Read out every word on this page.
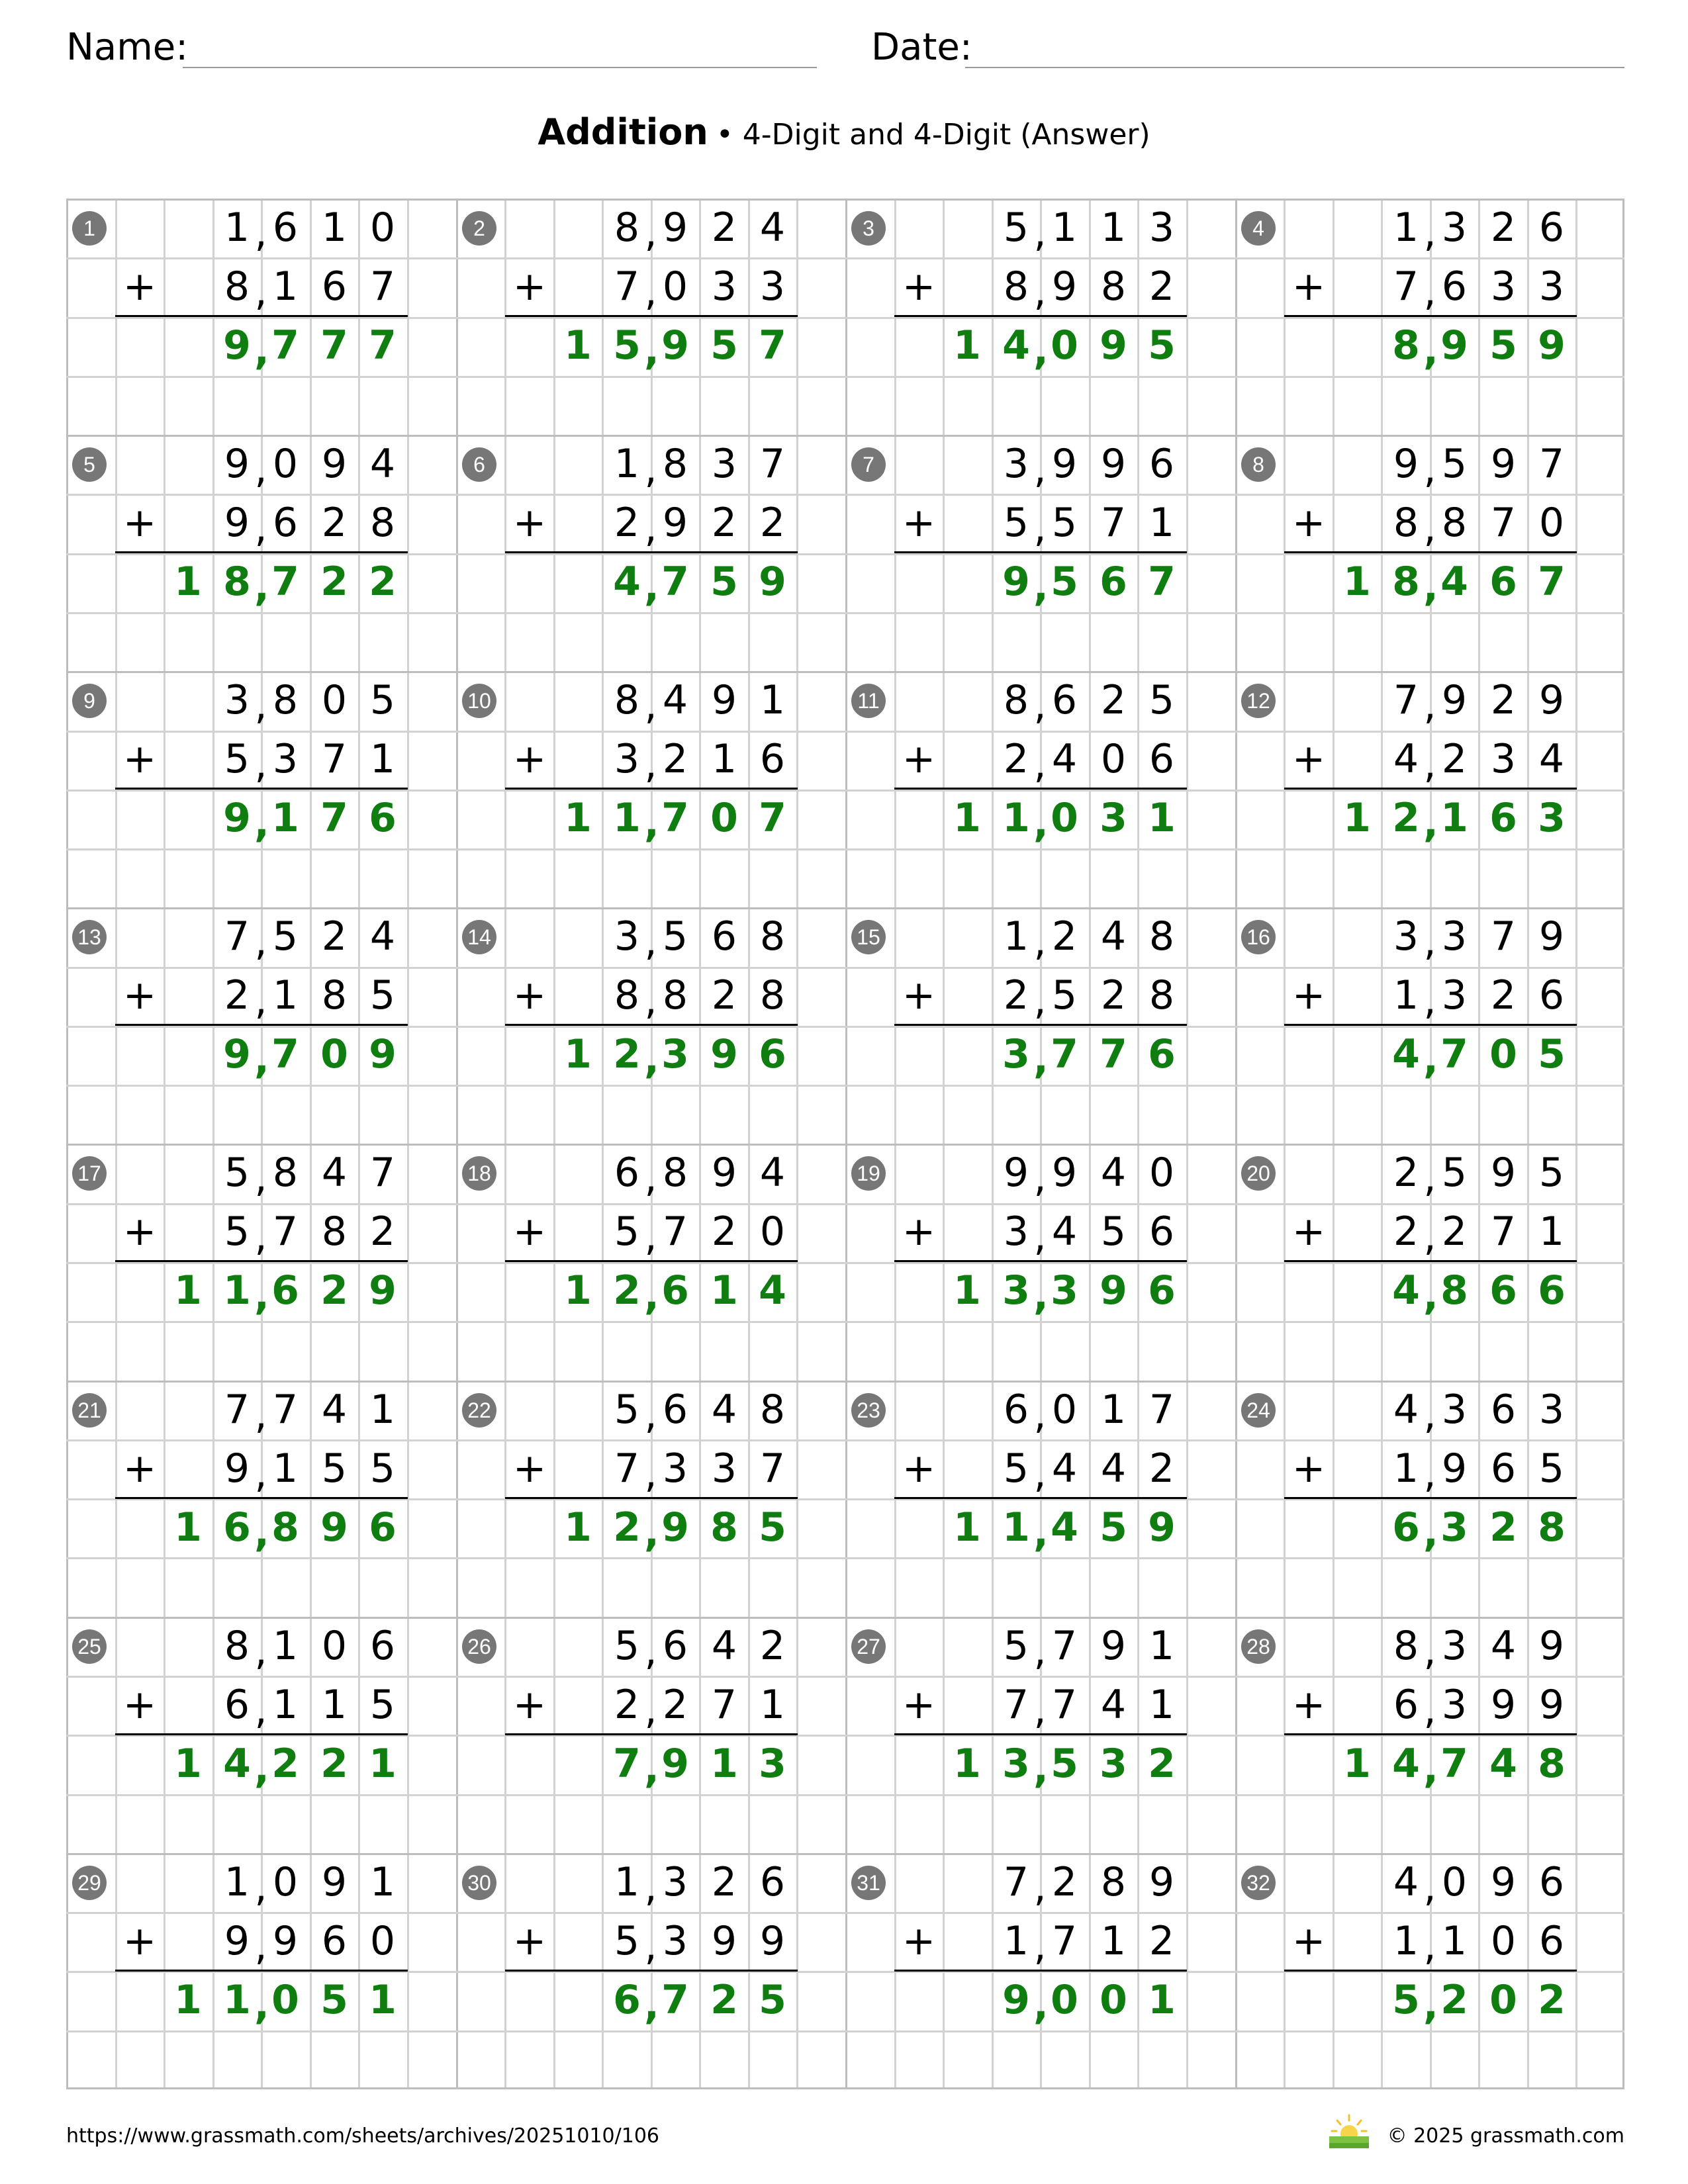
Name:	Date:
Addition • 4-Digit and 4-Digit (Answer)
1
+
1 , 6 1 0
8 , 1 6 7
9 , 7 7 7
2
+
8 , 9 2 4
7 , 0 3 3
1 5 , 9 5 7
3
+
5 , 1 1 3
8 , 9 8 2
1 4 , 0 9 5
4
+
1 , 3 2 6
7 , 6 3 3
8 , 9 5 9
5
+
9 , 0 9 4
9 , 6 2 8
1 8 , 7 2 2
6
+
1 , 8 3 7
2 , 9 2 2
4 , 7 5 9
7
+
3 , 9 9 6
5 , 5 7 1
9 , 5 6 7
8
+
9 , 5 9 7
8 , 8 7 0
1 8 , 4 6 7
9
+
3 , 8 0 5
5 , 3 7 1
9 , 1 7 6
10
+
8 , 4 9 1
3 , 2 1 6
1 1 , 7 0 7
11
+
8 , 6 2 5
2 , 4 0 6
1 1 , 0 3 1
12
+
7 , 9 2 9
4 , 2 3 4
1 2 , 1 6 3
13
+
7 , 5 2 4
2 , 1 8 5
9 , 7 0 9
14
+
3 , 5 6 8
8 , 8 2 8
1 2 , 3 9 6
15
+
1 , 2 4 8
2 , 5 2 8
3 , 7 7 6
16
+
3 , 3 7 9
1 , 3 2 6
4 , 7 0 5
17
+
5 , 8 4 7
5 , 7 8 2
1 1 , 6 2 9
18
+
6 , 8 9 4
5 , 7 2 0
1 2 , 6 1 4
19
+
9 , 9 4 0
3 , 4 5 6
1 3 , 3 9 6
20
+
2 , 5 9 5
2 , 2 7 1
4 , 8 6 6
21
+
7 , 7 4 1
9 , 1 5 5
1 6 , 8 9 6
22
+
5 , 6 4 8
7 , 3 3 7
1 2 , 9 8 5
23
+
6 , 0 1 7
5 , 4 4 2
1 1 , 4 5 9
24
+
4 , 3 6 3
1 , 9 6 5
6 , 3 2 8
25
+
8 , 1 0 6
6 , 1 1 5
1 4 , 2 2 1
26
+
5 , 6 4 2
2 , 2 7 1
7 , 9 1 3
27
+
5 , 7 9 1
7 , 7 4 1
1 3 , 5 3 2
28
+
8 , 3 4 9
6 , 3 9 9
1 4 , 7 4 8
29
+
1 , 0 9 1
9 , 9 6 0
1 1 , 0 5 1
30
+
1 , 3 2 6
5 , 3 9 9
6 , 7 2 5
31
+
7 , 2 8 9
1 , 7 1 2
9 , 0 0 1
32
+
4 , 0 9 6
1 , 1 0 6
5 , 2 0 2
https://www.grassmath.com/sheets/archives/20251010/106	© 2025 grassmath.com
